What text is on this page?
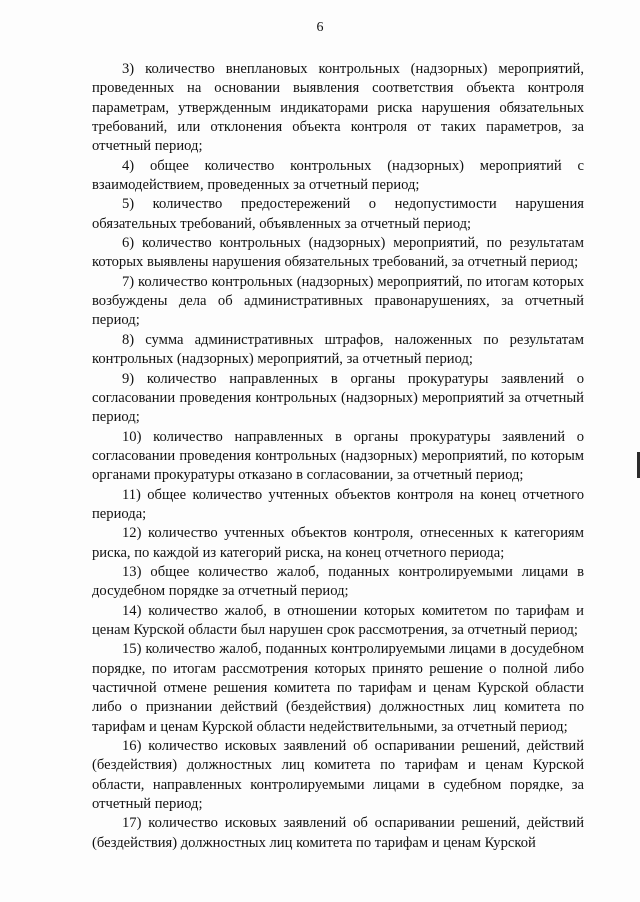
6

3) количество внеплановых контрольных (надзорных) мероприятий, проведенных на основании выявления соответствия объекта контроля параметрам, утвержденным индикаторами риска нарушения обязательных требований, или отклонения объекта контроля от таких параметров, за отчетный период;

4) общее количество контрольных (надзорных) мероприятий с взаимодействием, проведенных за отчетный период;

5) количество предостережений о недопустимости нарушения обязательных требований, объявленных за отчетный период;

6) количество контрольных (надзорных) мероприятий, по результатам которых выявлены нарушения обязательных требований, за отчетный период;

7) количество контрольных (надзорных) мероприятий, по итогам которых возбуждены дела об административных правонарушениях, за отчетный период;

8) сумма административных штрафов, наложенных по результатам контрольных (надзорных) мероприятий, за отчетный период;

9) количество направленных в органы прокуратуры заявлений о согласовании проведения контрольных (надзорных) мероприятий за отчетный период;

10) количество направленных в органы прокуратуры заявлений о согласовании проведения контрольных (надзорных) мероприятий, по которым органами прокуратуры отказано в согласовании, за отчетный период;

11) общее количество учтенных объектов контроля на конец отчетного периода;

12) количество учтенных объектов контроля, отнесенных к категориям риска, по каждой из категорий риска, на конец отчетного периода;

13) общее количество жалоб, поданных контролируемыми лицами в досудебном порядке за отчетный период;

14) количество жалоб, в отношении которых комитетом по тарифам и ценам Курской области был нарушен срок рассмотрения, за отчетный период;

15) количество жалоб, поданных контролируемыми лицами в досудебном порядке, по итогам рассмотрения которых принято решение о полной либо частичной отмене решения комитета по тарифам и ценам Курской области либо о признании действий (бездействия) должностных лиц комитета по тарифам и ценам Курской области недействительными, за отчетный период;

16) количество исковых заявлений об оспаривании решений, действий (бездействия) должностных лиц комитета по тарифам и ценам Курской области, направленных контролируемыми лицами в судебном порядке, за отчетный период;

17) количество исковых заявлений об оспаривании решений, действий (бездействия) должностных лиц комитета по тарифам и ценам Курской
